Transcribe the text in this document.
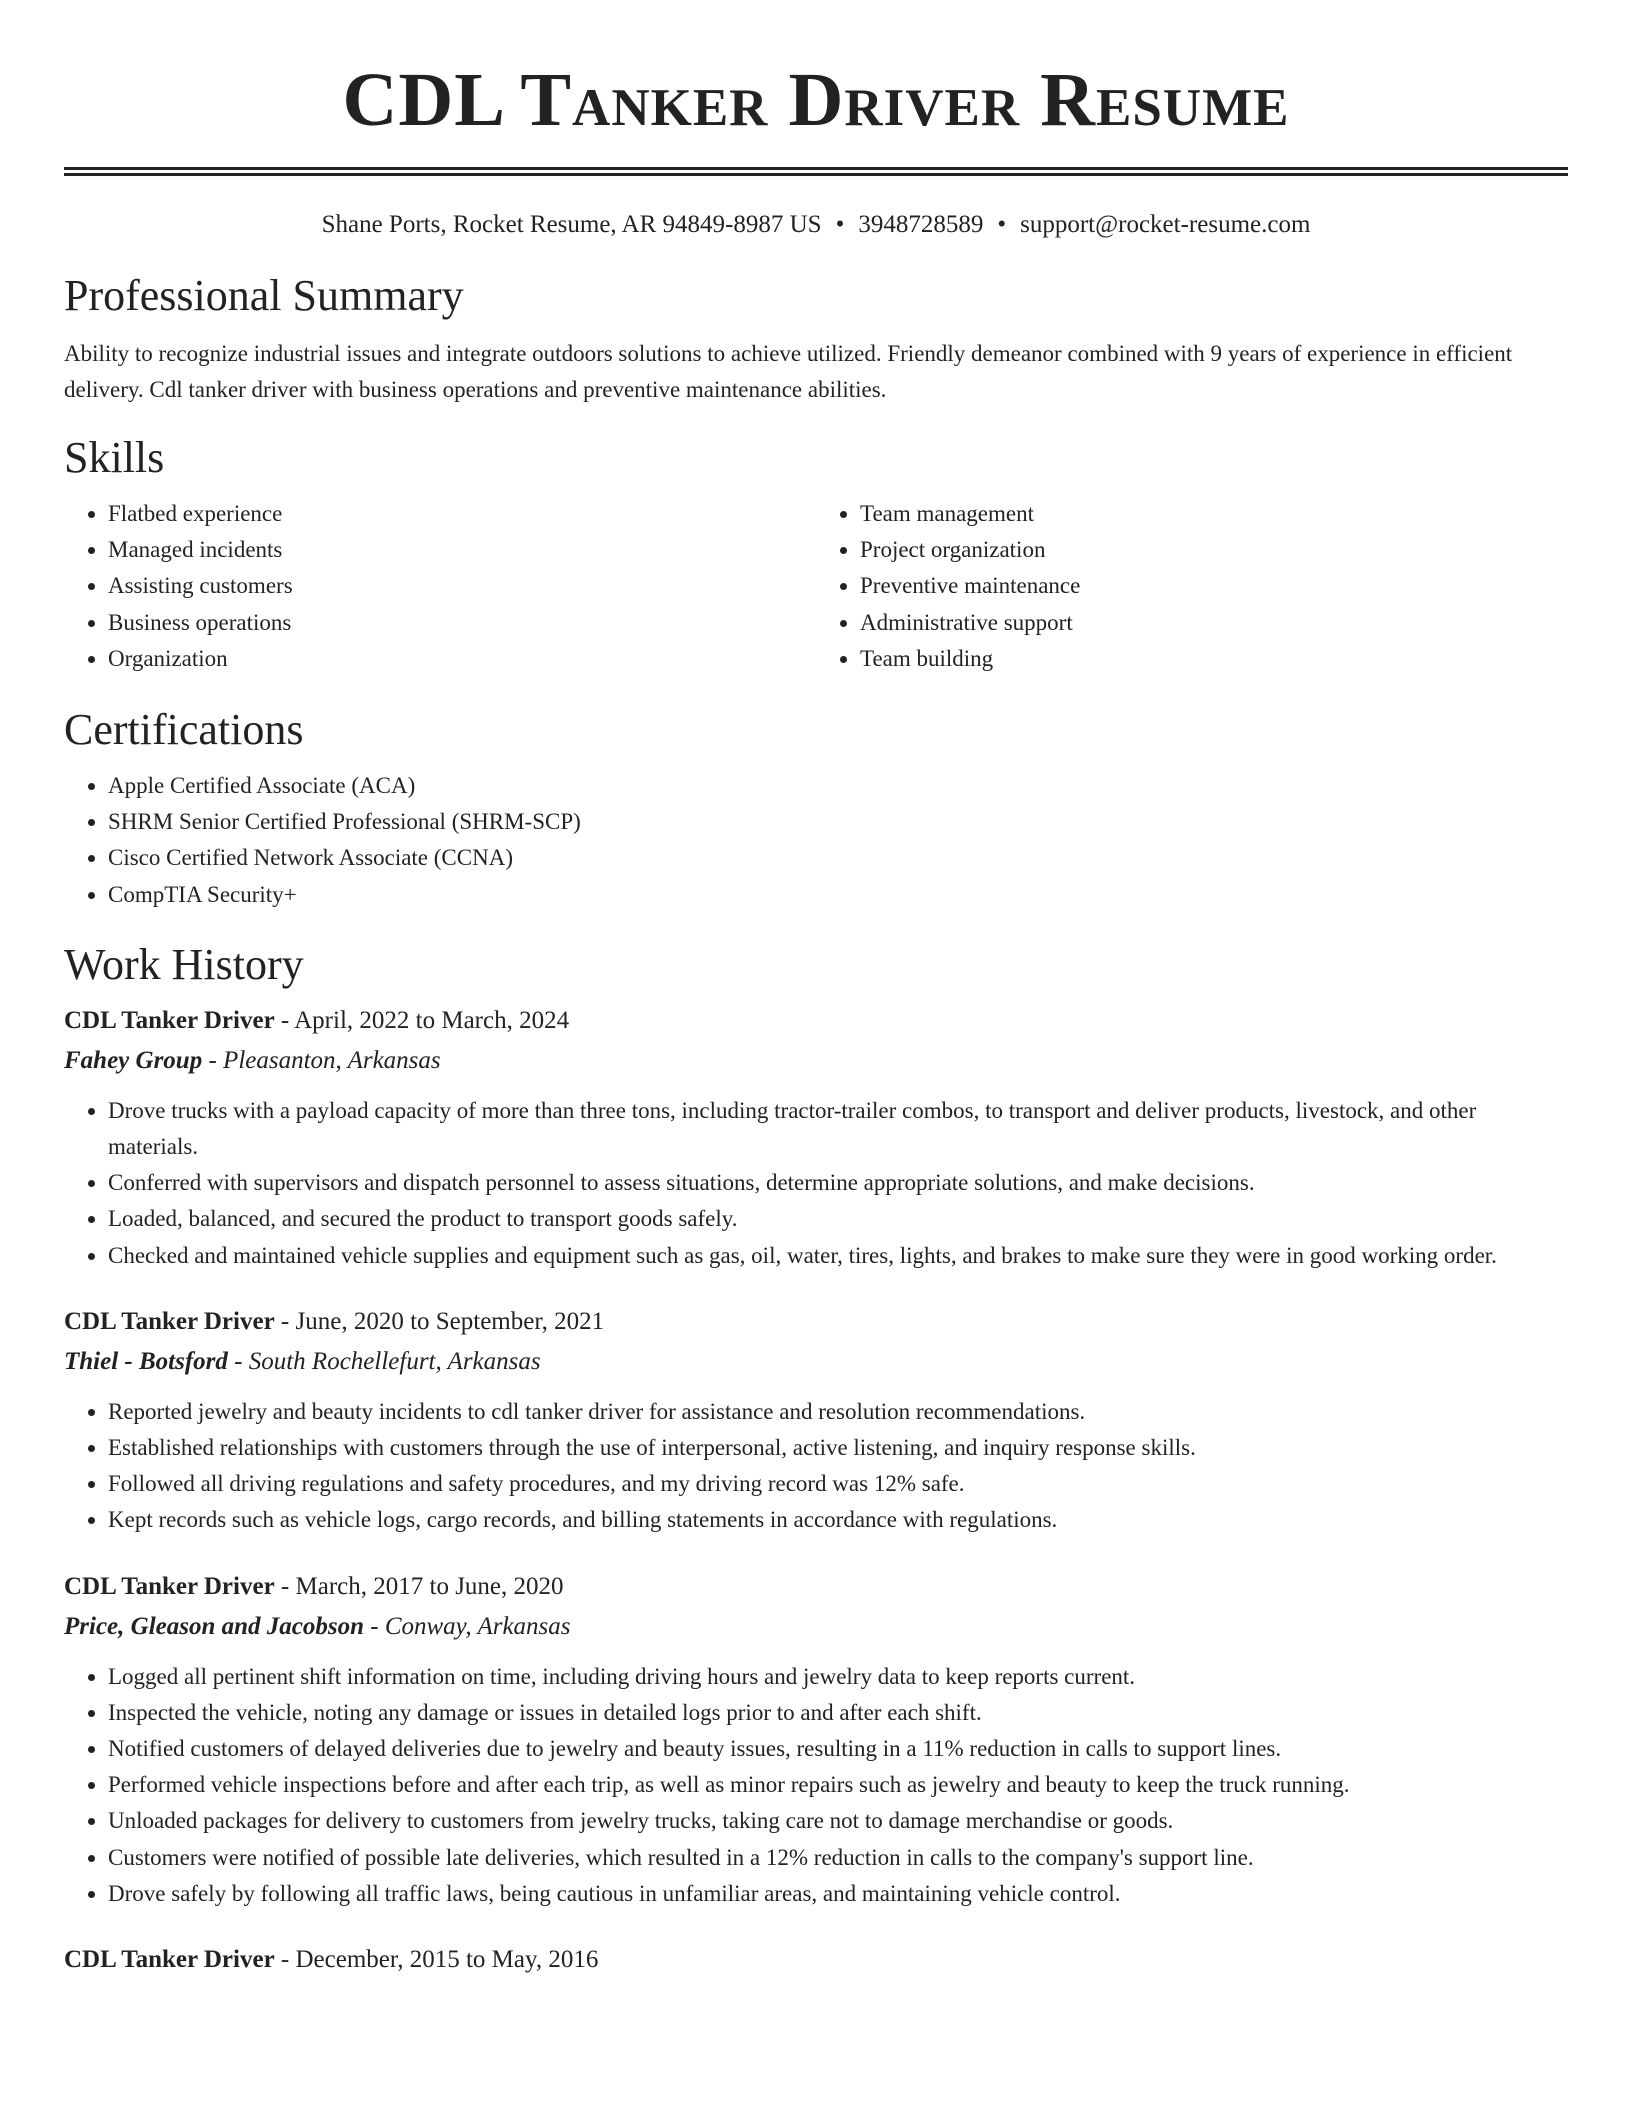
CDL Tanker Driver Resume
Shane Ports, Rocket Resume, AR 94849-8987 US • 3948728589 • support@rocket-resume.com
Professional Summary
Ability to recognize industrial issues and integrate outdoors solutions to achieve utilized. Friendly demeanor combined with 9 years of experience in efficient delivery. Cdl tanker driver with business operations and preventive maintenance abilities.
Skills
• Flatbed experience
• Managed incidents
• Assisting customers
• Business operations
• Organization
• Team management
• Project organization
• Preventive maintenance
• Administrative support
• Team building
Certifications
• Apple Certified Associate (ACA)
• SHRM Senior Certified Professional (SHRM-SCP)
• Cisco Certified Network Associate (CCNA)
• CompTIA Security+
Work History
CDL Tanker Driver - April, 2022 to March, 2024
Fahey Group - Pleasanton, Arkansas
• Drove trucks with a payload capacity of more than three tons, including tractor-trailer combos, to transport and deliver products, livestock, and other materials.
• Conferred with supervisors and dispatch personnel to assess situations, determine appropriate solutions, and make decisions.
• Loaded, balanced, and secured the product to transport goods safely.
• Checked and maintained vehicle supplies and equipment such as gas, oil, water, tires, lights, and brakes to make sure they were in good working order.
CDL Tanker Driver - June, 2020 to September, 2021
Thiel - Botsford - South Rochellefurt, Arkansas
• Reported jewelry and beauty incidents to cdl tanker driver for assistance and resolution recommendations.
• Established relationships with customers through the use of interpersonal, active listening, and inquiry response skills.
• Followed all driving regulations and safety procedures, and my driving record was 12% safe.
• Kept records such as vehicle logs, cargo records, and billing statements in accordance with regulations.
CDL Tanker Driver - March, 2017 to June, 2020
Price, Gleason and Jacobson - Conway, Arkansas
• Logged all pertinent shift information on time, including driving hours and jewelry data to keep reports current.
• Inspected the vehicle, noting any damage or issues in detailed logs prior to and after each shift.
• Notified customers of delayed deliveries due to jewelry and beauty issues, resulting in a 11% reduction in calls to support lines.
• Performed vehicle inspections before and after each trip, as well as minor repairs such as jewelry and beauty to keep the truck running.
• Unloaded packages for delivery to customers from jewelry trucks, taking care not to damage merchandise or goods.
• Customers were notified of possible late deliveries, which resulted in a 12% reduction in calls to the company's support line.
• Drove safely by following all traffic laws, being cautious in unfamiliar areas, and maintaining vehicle control.
CDL Tanker Driver - December, 2015 to May, 2016
